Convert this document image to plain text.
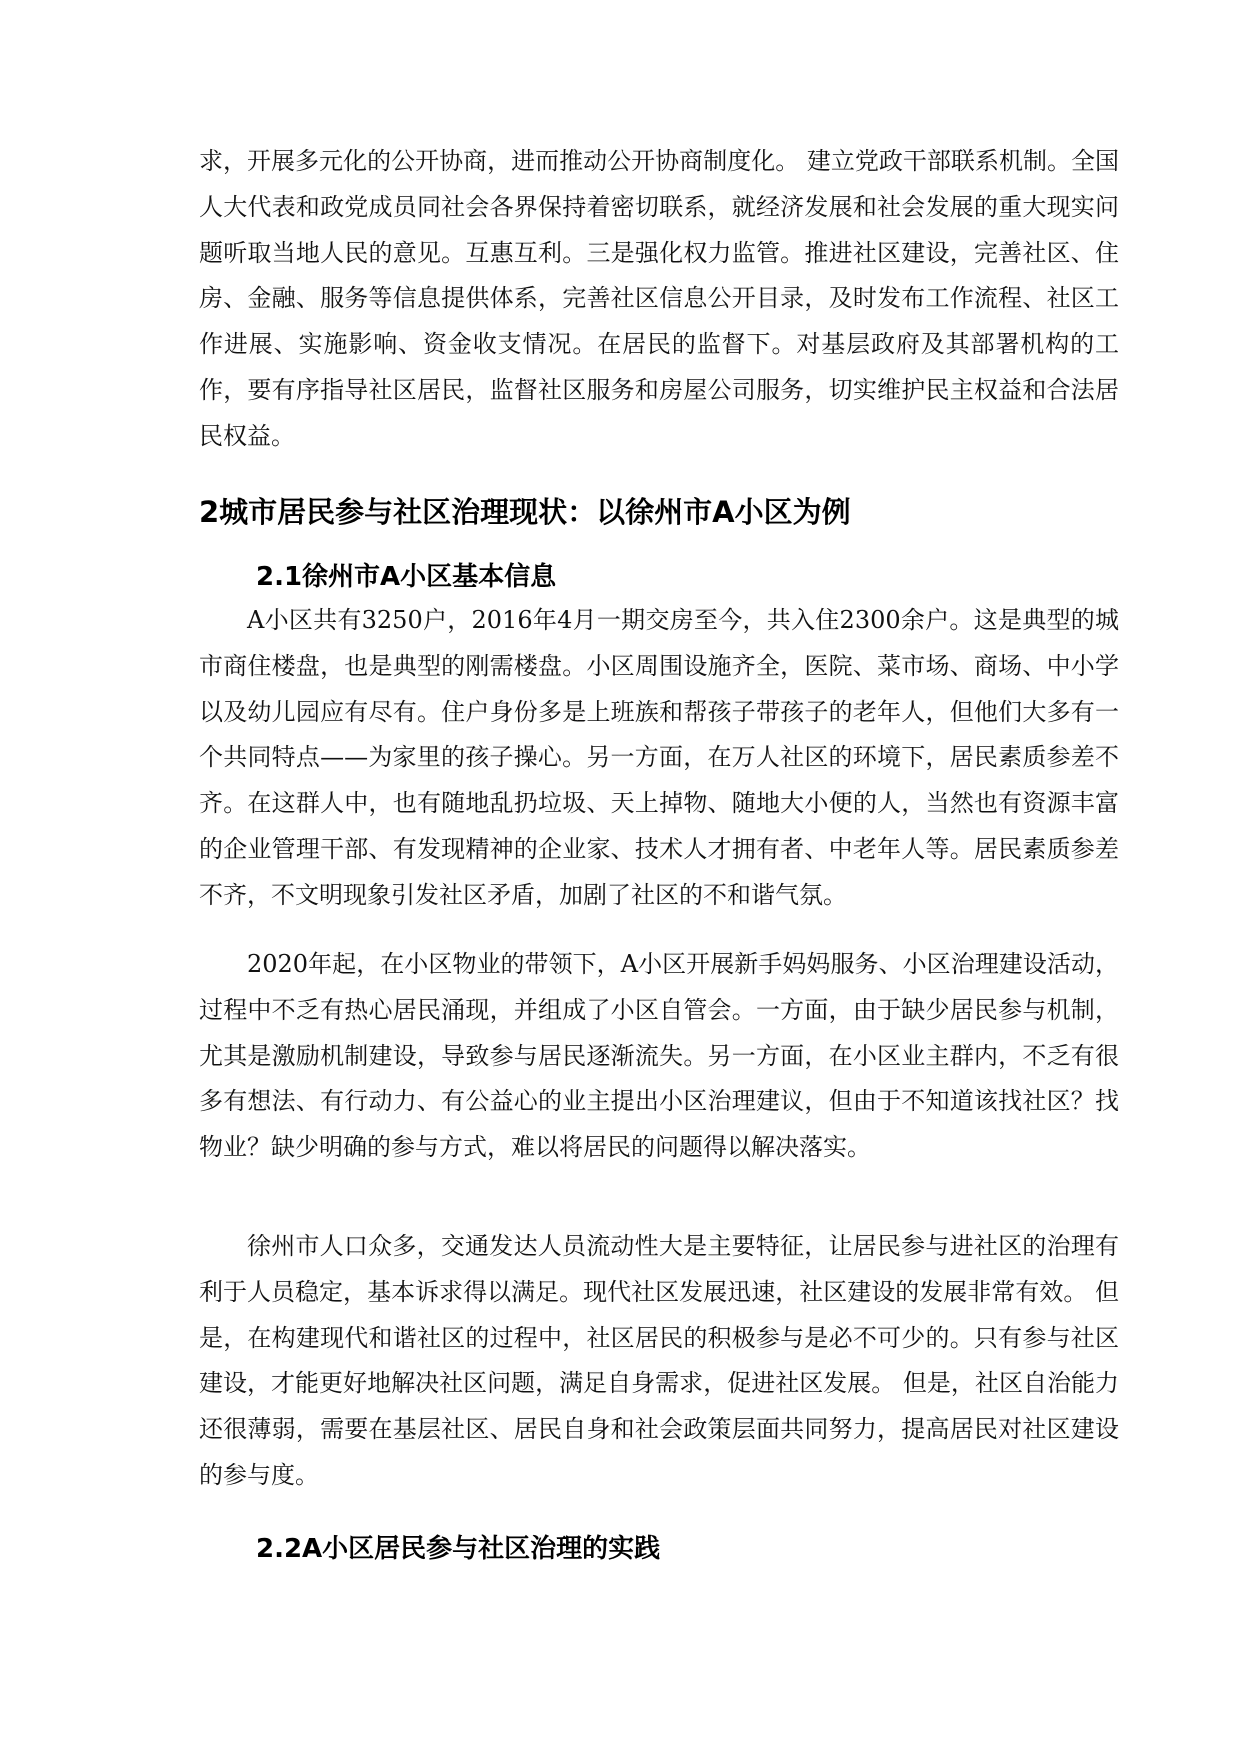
求，开展多元化的公开协商，进而推动公开协商制度化。 建立党政干部联系机制。全国人大代表和政党成员同社会各界保持着密切联系，就经济发展和社会发展的重大现实问题听取当地人民的意见。互惠互利。三是强化权力监管。推进社区建设，完善社区、住房、金融、服务等信息提供体系，完善社区信息公开目录，及时发布工作流程、社区工作进展、实施影响、资金收支情况。在居民的监督下。对基层政府及其部署机构的工作，要有序指导社区居民，监督社区服务和房屋公司服务，切实维护民主权益和合法居民权益。

2城市居民参与社区治理现状：以徐州市A小区为例
2.1徐州市A小区基本信息

A小区共有3250户，2016年4月一期交房至今，共入住2300余户。这是典型的城市商住楼盘，也是典型的刚需楼盘。小区周围设施齐全，医院、菜市场、商场、中小学以及幼儿园应有尽有。住户身份多是上班族和帮孩子带孩子的老年人，但他们大多有一个共同特点——为家里的孩子操心。另一方面，在万人社区的环境下，居民素质参差不齐。在这群人中，也有随地乱扔垃圾、天上掉物、随地大小便的人，当然也有资源丰富的企业管理干部、有发现精神的企业家、技术人才拥有者、中老年人等。居民素质参差不齐，不文明现象引发社区矛盾，加剧了社区的不和谐气氛。

2020年起，在小区物业的带领下，A小区开展新手妈妈服务、小区治理建设活动，过程中不乏有热心居民涌现，并组成了小区自管会。一方面，由于缺少居民参与机制，尤其是激励机制建设，导致参与居民逐渐流失。另一方面，在小区业主群内，不乏有很多有想法、有行动力、有公益心的业主提出小区治理建议，但由于不知道该找社区？找物业？缺少明确的参与方式，难以将居民的问题得以解决落实。

徐州市人口众多，交通发达人员流动性大是主要特征，让居民参与进社区的治理有利于人员稳定，基本诉求得以满足。现代社区发展迅速，社区建设的发展非常有效。 但是，在构建现代和谐社区的过程中，社区居民的积极参与是必不可少的。只有参与社区建设，才能更好地解决社区问题，满足自身需求，促进社区发展。 但是，社区自治能力还很薄弱，需要在基层社区、居民自身和社会政策层面共同努力，提高居民对社区建设的参与度。

2.2A小区居民参与社区治理的实践
